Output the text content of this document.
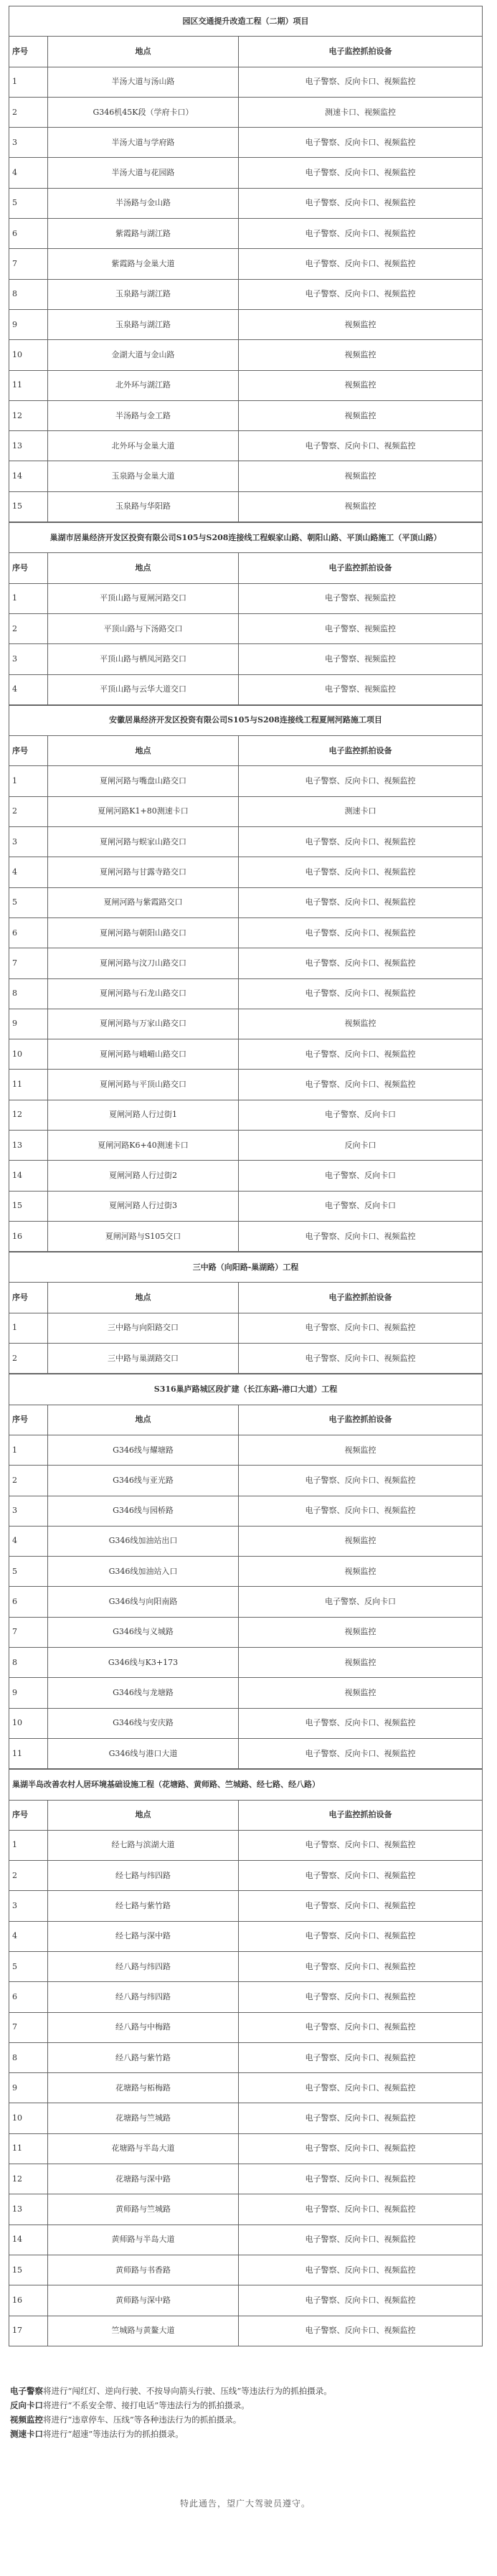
园区交通提升改造工程（二期）项目		
序号	地点	电子监控抓拍设备
1	半汤大道与汤山路	电子警察、反向卡口、视频监控
2	G346机45K段（学府卡口）	测速卡口、视频监控
3	半汤大道与学府路	电子警察、反向卡口、视频监控
4	半汤大道与花园路	电子警察、反向卡口、视频监控
5	半汤路与金山路	电子警察、反向卡口、视频监控
6	紫霞路与湖江路	电子警察、反向卡口、视频监控
7	紫霞路与金巢大道	电子警察、反向卡口、视频监控
8	玉泉路与湖江路	电子警察、反向卡口、视频监控
9	玉泉路与湖江路	视频监控
10	金湖大道与金山路	视频监控
11	北外环与湖江路	视频监控
12	半汤路与金工路	视频监控
13	北外环与金巢大道	电子警察、反向卡口、视频监控
14	玉泉路与金巢大道	视频监控
15	玉泉路与华阳路	视频监控
巢湖市居巢经济开发区投资有限公司S105与S208连接线工程蜈家山路、朝阳山路、平顶山路施工（平顶山路）		
序号	地点	电子监控抓拍设备
1	平顶山路与夏闸河路交口	电子警察、视频监控
2	平顶山路与下汤路交口	电子警察、视频监控
3	平顶山路与栖凤河路交口	电子警察、视频监控
4	平顶山路与云华大道交口	电子警察、视频监控
安徽居巢经济开发区投资有限公司S105与S208连接线工程夏闸河路施工项目		
序号	地点	电子监控抓拍设备
1	夏闸河路与嘴盘山路交口	电子警察、反向卡口、视频监控
2	夏闸河路K1+80测速卡口	测速卡口
3	夏闸河路与蜈家山路交口	电子警察、反向卡口、视频监控
4	夏闸河路与甘露寺路交口	电子警察、反向卡口、视频监控
5	夏闸河路与紫霞路交口	电子警察、反向卡口、视频监控
6	夏闸河路与朝阳山路交口	电子警察、反向卡口、视频监控
7	夏闸河路与汶刀山路交口	电子警察、反向卡口、视频监控
8	夏闸河路与石龙山路交口	电子警察、反向卡口、视频监控
9	夏闸河路与万家山路交口	视频监控
10	夏闸河路与峨嵋山路交口	电子警察、反向卡口、视频监控
11	夏闸河路与平顶山路交口	电子警察、反向卡口、视频监控
12	夏闸河路人行过街1	电子警察、反向卡口
13	夏闸河路K6+40测速卡口	反向卡口
14	夏闸河路人行过街2	电子警察、反向卡口
15	夏闸河路人行过街3	电子警察、反向卡口
16	夏闸河路与S105交口	电子警察、反向卡口、视频监控
三中路（向阳路-巢湖路）工程		
序号	地点	电子监控抓拍设备
1	三中路与向阳路交口	电子警察、反向卡口、视频监控
2	三中路与巢湖路交口	电子警察、反向卡口、视频监控
S316巢庐路城区段扩建（长江东路-港口大道）工程		
序号	地点	电子监控抓拍设备
1	G346线与耀塘路	视频监控
2	G346线与亚光路	电子警察、反向卡口、视频监控
3	G346线与园桥路	电子警察、反向卡口、视频监控
4	G346线加油站出口	视频监控
5	G346线加油站入口	视频监控
6	G346线与向阳南路	电子警察、反向卡口
7	G346线与义城路	视频监控
8	G346线与K3+173	视频监控
9	G346线与龙塘路	视频监控
10	G346线与安庆路	电子警察、反向卡口、视频监控
11	G346线与港口大道	电子警察、反向卡口、视频监控
巢湖半岛改善农村人居环境基础设施工程（花塘路、黄师路、竺城路、经七路、经八路）		
序号	地点	电子监控抓拍设备
1	经七路与滨湖大道	电子警察、反向卡口、视频监控
2	经七路与纬四路	电子警察、反向卡口、视频监控
3	经七路与紫竹路	电子警察、反向卡口、视频监控
4	经七路与深中路	电子警察、反向卡口、视频监控
5	经八路与纬四路	电子警察、反向卡口、视频监控
6	经八路与纬四路	电子警察、反向卡口、视频监控
7	经八路与中梅路	电子警察、反向卡口、视频监控
8	经八路与紫竹路	电子警察、反向卡口、视频监控
9	花塘路与柘梅路	电子警察、反向卡口、视频监控
10	花塘路与竺城路	电子警察、反向卡口、视频监控
11	花塘路与半岛大道	电子警察、反向卡口、视频监控
12	花塘路与深中路	电子警察、反向卡口、视频监控
13	黄师路与竺城路	电子警察、反向卡口、视频监控
14	黄师路与半岛大道	电子警察、反向卡口、视频监控
15	黄师路与书香路	电子警察、反向卡口、视频监控
16	黄师路与深中路	电子警察、反向卡口、视频监控
17	竺城路与黄鳌大道	电子警察、反向卡口、视频监控
电子警察将进行“闯红灯、逆向行驶、不按导向箭头行驶、压线”等违法行为的抓拍摄录。
反向卡口将进行“不系安全带、接打电话”等违法行为的抓拍摄录。
视频监控将进行“违章停车、压线”等各种违法行为的抓拍摄录。
测速卡口将进行“超速”等违法行为的抓拍摄录。
特此通告，望广大驾驶员遵守。
